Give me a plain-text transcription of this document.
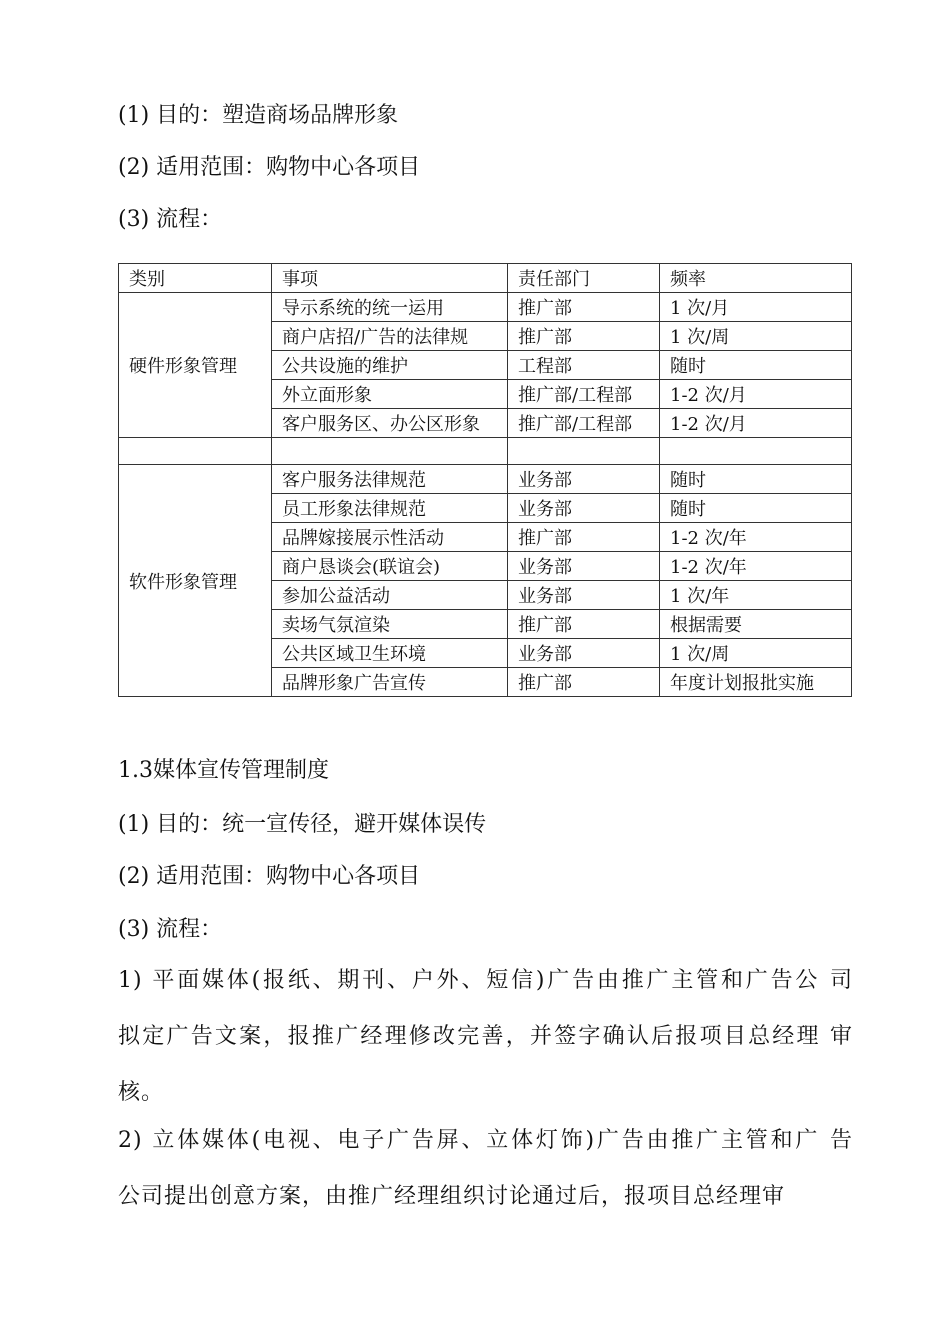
(1) 目的：塑造商场品牌形象
(2) 适用范围：购物中心各项目
(3) 流程：
类别	事项	责任部门	频率
硬件形象管理	导示系统的统一运用	推广部	1 次/月
	商户店招/广告的法律规	推广部	1 次/周
	公共设施的维护	工程部	随时
	外立面形象	推广部/工程部	1-2 次/月
	客户服务区、办公区形象	推广部/工程部	1-2 次/月

软件形象管理	客户服务法律规范	业务部	随时
	员工形象法律规范	业务部	随时
	品牌嫁接展示性活动	推广部	1-2 次/年
	商户恳谈会(联谊会)	业务部	1-2 次/年
	参加公益活动	业务部	1 次/年
	卖场气氛渲染	推广部	根据需要
	公共区域卫生环境	业务部	1 次/周
	品牌形象广告宣传	推广部	年度计划报批实施
1.3媒体宣传管理制度
(1) 目的：统一宣传径，避开媒体误传
(2) 适用范围：购物中心各项目
(3) 流程：
1) 平面媒体(报纸、期刊、户外、短信)广告由推广主管和广告公 司
拟定广告文案，报推广经理修改完善，并签字确认后报项目总经理 审
核。
2) 立体媒体(电视、电子广告屏、立体灯饰)广告由推广主管和广 告
公司提出创意方案，由推广经理组织讨论通过后，报项目总经理审
